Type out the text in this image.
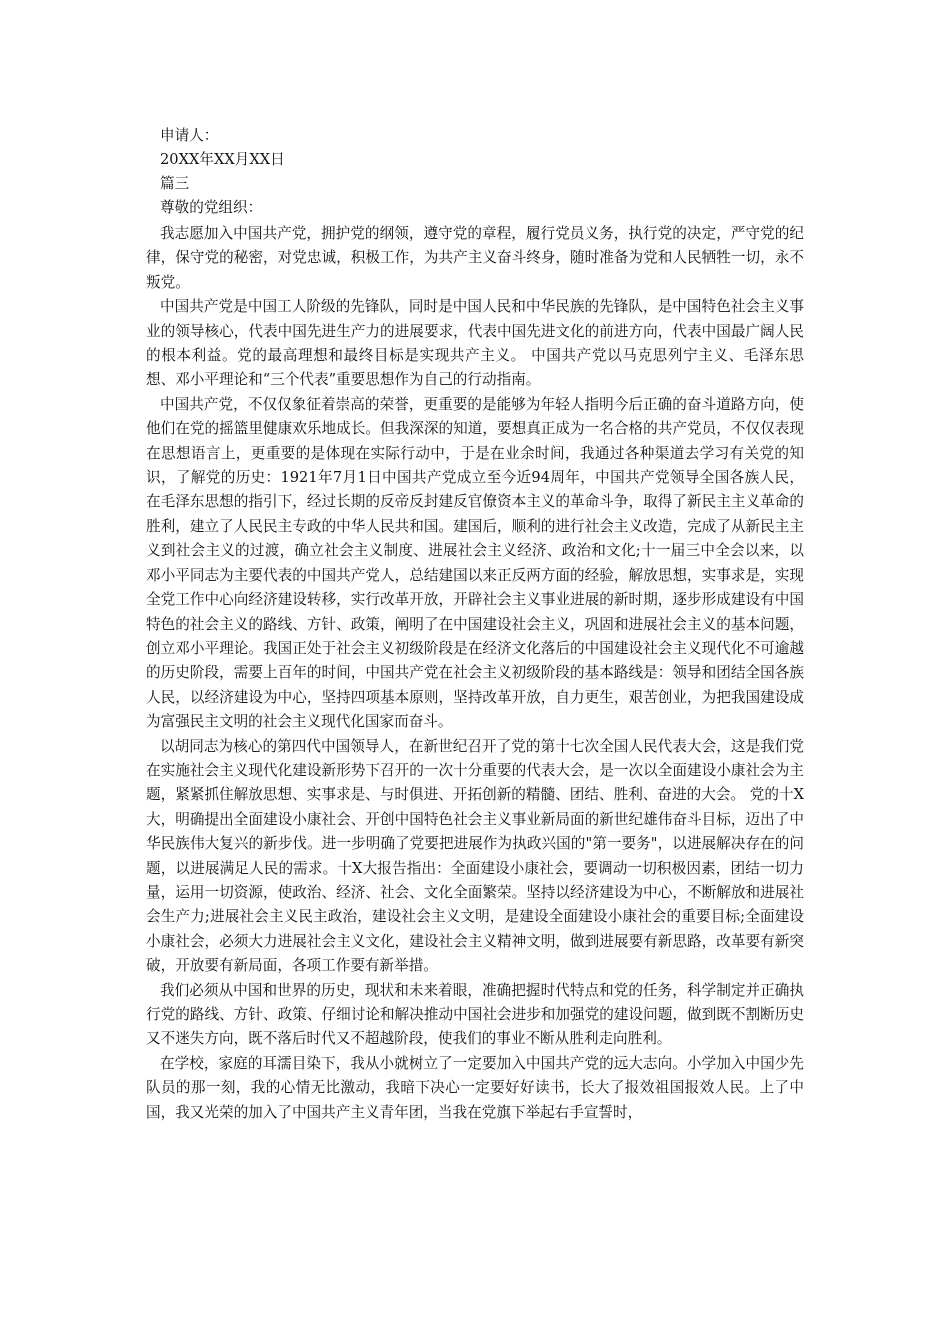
申请人：

20XX年XX月XX日

篇三

尊敬的党组织：

我志愿加入中国共产党，拥护党的纲领，遵守党的章程，履行党员义务，执行党的决定，严守党的纪律，保守党的秘密，对党忠诚，积极工作，为共产主义奋斗终身，随时准备为党和人民牺牲一切，永不叛党。

中国共产党是中国工人阶级的先锋队，同时是中国人民和中华民族的先锋队，是中国特色社会主义事业的领导核心，代表中国先进生产力的进展要求，代表中国先进文化的前进方向，代表中国最广阔人民的根本利益。党的最高理想和最终目标是实现共产主义。 中国共产党以马克思列宁主义、毛泽东思想、邓小平理论和“三个代表”重要思想作为自己的行动指南。

中国共产党，不仅仅象征着崇高的荣誉，更重要的是能够为年轻人指明今后正确的奋斗道路方向，使他们在党的摇篮里健康欢乐地成长。但我深深的知道，要想真正成为一名合格的共产党员，不仅仅表现在思想语言上，更重要的是体现在实际行动中，于是在业余时间，我通过各种渠道去学习有关党的知识，了解党的历史：1921年7月1日中国共产党成立至今近94周年，中国共产党领导全国各族人民，在毛泽东思想的指引下，经过长期的反帝反封建反官僚资本主义的革命斗争，取得了新民主主义革命的胜利，建立了人民民主专政的中华人民共和国。建国后，顺利的进行社会主义改造，完成了从新民主主义到社会主义的过渡，确立社会主义制度、进展社会主义经济、政治和文化;十一届三中全会以来，以邓小平同志为主要代表的中国共产党人，总结建国以来正反两方面的经验，解放思想，实事求是，实现全党工作中心向经济建设转移，实行改革开放，开辟社会主义事业进展的新时期，逐步形成建设有中国特色的社会主义的路线、方针、政策，阐明了在中国建设社会主义，巩固和进展社会主义的基本问题，创立邓小平理论。我国正处于社会主义初级阶段是在经济文化落后的中国建设社会主义现代化不可逾越的历史阶段，需要上百年的时间，中国共产党在社会主义初级阶段的基本路线是：领导和团结全国各族人民，以经济建设为中心，坚持四项基本原则，坚持改革开放，自力更生，艰苦创业，为把我国建设成为富强民主文明的社会主义现代化国家而奋斗。

以胡同志为核心的第四代中国领导人，在新世纪召开了党的第十七次全国人民代表大会，这是我们党在实施社会主义现代化建设新形势下召开的一次十分重要的代表大会，是一次以全面建设小康社会为主题，紧紧抓住解放思想、实事求是、与时俱进、开拓创新的精髓、团结、胜利、奋进的大会。 党的十X大，明确提出全面建设小康社会、开创中国特色社会主义事业新局面的新世纪雄伟奋斗目标，迈出了中华民族伟大复兴的新步伐。进一步明确了党要把进展作为执政兴国的"第一要务"，以进展解决存在的问题，以进展满足人民的需求。十X大报告指出：全面建设小康社会，要调动一切积极因素，团结一切力量，运用一切资源，使政治、经济、社会、文化全面繁荣。坚持以经济建设为中心，不断解放和进展社会生产力;进展社会主义民主政治，建设社会主义文明，是建设全面建设小康社会的重要目标;全面建设小康社会，必须大力进展社会主义文化，建设社会主义精神文明，做到进展要有新思路，改革要有新突破，开放要有新局面，各项工作要有新举措。

我们必须从中国和世界的历史，现状和未来着眼，准确把握时代特点和党的任务，科学制定并正确执行党的路线、方针、政策、仔细讨论和解决推动中国社会进步和加强党的建设问题，做到既不割断历史又不迷失方向，既不落后时代又不超越阶段，使我们的事业不断从胜利走向胜利。

在学校，家庭的耳濡目染下，我从小就树立了一定要加入中国共产党的远大志向。小学加入中国少先队员的那一刻，我的心情无比激动，我暗下决心一定要好好读书，长大了报效祖国报效人民。上了中国，我又光荣的加入了中国共产主义青年团，当我在党旗下举起右手宣誓时，
